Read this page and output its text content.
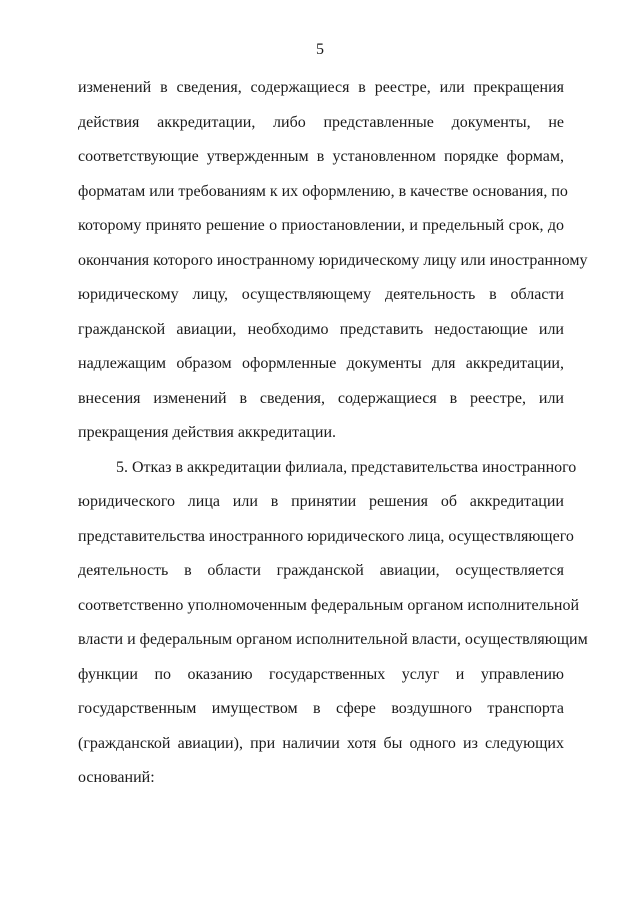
5
изменений в сведения, содержащиеся в реестре, или прекращения
действия аккредитации, либо представленные документы, не
соответствующие утвержденным в установленном порядке формам,
форматам или требованиям к их оформлению, в качестве основания, по
которому принято решение о приостановлении, и предельный срок, до
окончания которого иностранному юридическому лицу или иностранному
юридическому лицу, осуществляющему деятельность в области
гражданской авиации, необходимо представить недостающие или
надлежащим образом оформленные документы для аккредитации,
внесения изменений в сведения, содержащиеся в реестре, или
прекращения действия аккредитации.
5. Отказ в аккредитации филиала, представительства иностранного
юридического лица или в принятии решения об аккредитации
представительства иностранного юридического лица, осуществляющего
деятельность в области гражданской авиации, осуществляется
соответственно уполномоченным федеральным органом исполнительной
власти и федеральным органом исполнительной власти, осуществляющим
функции по оказанию государственных услуг и управлению
государственным имуществом в сфере воздушного транспорта
(гражданской авиации), при наличии хотя бы одного из следующих
оснований:
